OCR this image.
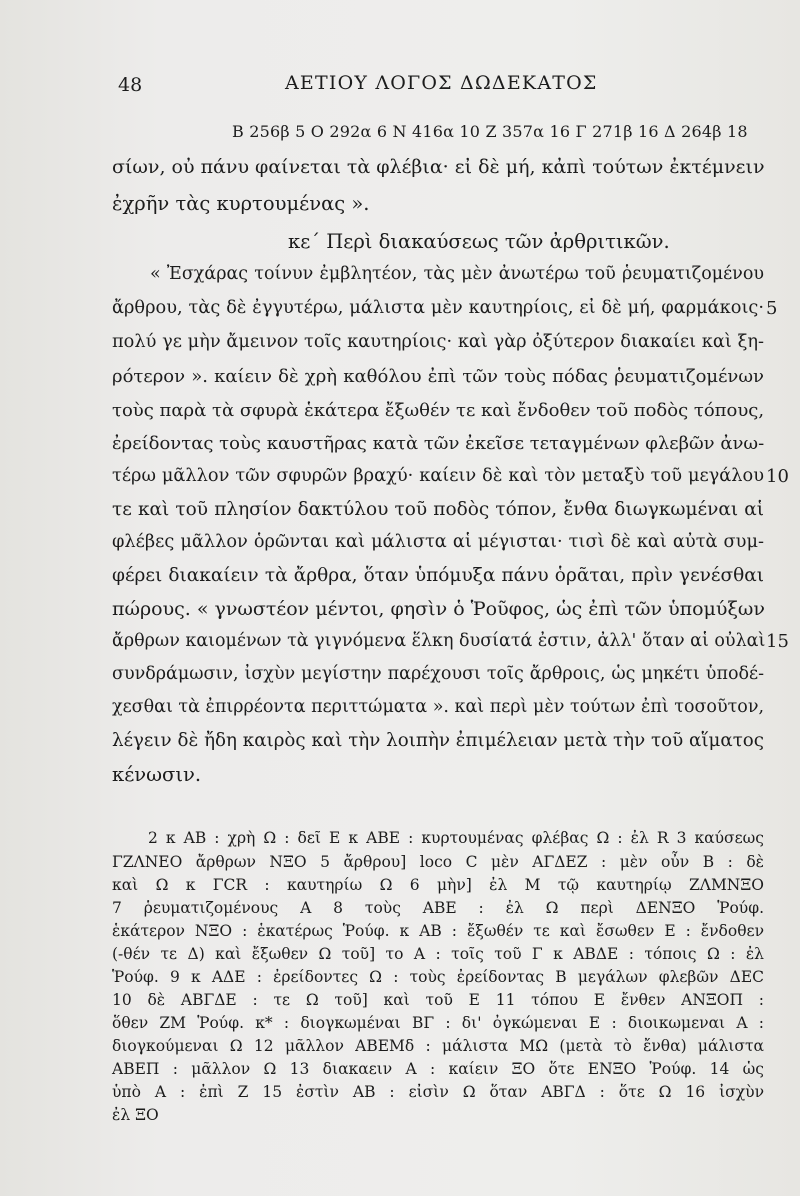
48	ΑΕΤΙΟΥ ΛΟΓΟΣ ΔΩΔΕΚΑΤΟΣ
B 256β 5 O 292α 6 N 416α 10 Z 357α 16 Γ 271β 16 Δ 264β 18
σίων, οὐ πάνυ φαίνεται τὰ φλέβια· εἰ δὲ μή, κἀπὶ τούτων ἐκτέμνειν
ἐχρῆν τὰς κυρτουμένας ».
κε΄ Περὶ διακαύσεως τῶν ἀρθριτικῶν.
« Ἐσχάρας τοίνυν ἐμβλητέον, τὰς μὲν ἀνωτέρω τοῦ ῥευματιζομένου
ἄρθρου, τὰς δὲ ἐγγυτέρω, μάλιστα μὲν καυτηρίοις, εἰ δὲ μή, φαρμάκοις·
πολύ γε μὴν ἄμεινον τοῖς καυτηρίοις· καὶ γὰρ ὀξύτερον διακαίει καὶ ξη-
ρότερον ». καίειν δὲ χρὴ καθόλου ἐπὶ τῶν τοὺς πόδας ῥευματιζομένων
τοὺς παρὰ τὰ σφυρὰ ἑκάτερα ἔξωθέν τε καὶ ἔνδοθεν τοῦ ποδὸς τόπους,
ἐρείδοντας τοὺς καυστῆρας κατὰ τῶν ἐκεῖσε τεταγμένων φλεβῶν ἀνω-
τέρω μᾶλλον τῶν σφυρῶν βραχύ· καίειν δὲ καὶ τὸν μεταξὺ τοῦ μεγάλου
τε καὶ τοῦ πλησίον δακτύλου τοῦ ποδὸς τόπον, ἔνθα διωγκωμέναι αἱ
φλέβες μᾶλλον ὁρῶνται καὶ μάλιστα αἱ μέγισται· τισὶ δὲ καὶ αὐτὰ συμ-
φέρει διακαίειν τὰ ἄρθρα, ὅταν ὑπόμυξα πάνυ ὁρᾶται, πρὶν γενέσθαι
πώρους. « γνωστέον μέντοι, φησὶν ὁ Ῥοῦφος, ὡς ἐπὶ τῶν ὑπομύξων
ἄρθρων καιομένων τὰ γιγνόμενα ἕλκη δυσίατά ἐστιν, ἀλλ' ὅταν αἱ οὐλαὶ
συνδράμωσιν, ἰσχὺν μεγίστην παρέχουσι τοῖς ἄρθροις, ὡς μηκέτι ὑποδέ-
χεσθαι τὰ ἐπιρρέοντα περιττώματα ». καὶ περὶ μὲν τούτων ἐπὶ τοσοῦτον,
λέγειν δὲ ἤδη καιρὸς καὶ τὴν λοιπὴν ἐπιμέλειαν μετὰ τὴν τοῦ αἵματος
κένωσιν.
5
10
15
2 κ AB : χρὴ Ω : δεῖ E κ ABE : κυρτουμένας φλέβας Ω : ἐλ R 3 καύσεως
ΓΖΛΝΕΟ ἄρθρων ΝΞΟ 5 ἄρθρου] loco C μὲν ΑΓΔΕΖ : μὲν οὖν B : δὲ
καὶ Ω κ ΓCR : καυτηρίω Ω 6 μὴν] ἐλ Μ τῷ καυτηρίῳ ΖΛΜΝΞΟ
7 ῥευματιζομένους Α 8 τοὺς ABE : ἐλ Ω περὶ ΔΕΝΞΟ Ῥούφ.
ἑκάτερον ΝΞΟ : ἑκατέρως Ῥούφ. κ AB : ἔξωθέν τε καὶ ἔσωθεν E : ἔνδοθεν
(-θέν τε Δ) καὶ ἔξωθεν Ω τοῦ] το A : τοῖς τοῦ Γ κ ΑΒΔΕ : τόποις Ω : ἐλ
Ῥούφ. 9 κ ΑΔΕ : ἐρείδοντες Ω : τοὺς ἐρείδοντας B μεγάλων φλεβῶν ΔΕC
10 δὲ ΑΒΓΔΕ : τε Ω τοῦ] καὶ τοῦ E 11 τόπου E ἔνθεν ΑΝΞΟΠ :
ὅθεν ΖΜ Ῥούφ. κ* : διογκωμέναι ΒΓ : δι' ὀγκώμεναι E : διοικωμεναι A :
διογκούμεναι Ω 12 μᾶλλον ΑΒΕΜδ : μάλιστα ΜΩ (μετὰ τὸ ἔνθα) μάλιστα
ΑΒΕΠ : μᾶλλον Ω 13 διακαειν A : καίειν ΞΟ ὅτε ΕΝΞΟ Ῥούφ. 14 ὡς
ὑπὸ A : ἐπὶ Z 15 ἐστὶν AB : εἰσὶν Ω ὅταν ΑΒΓΔ : ὅτε Ω 16 ἰσχὺν
ἐλ ΞΟ
